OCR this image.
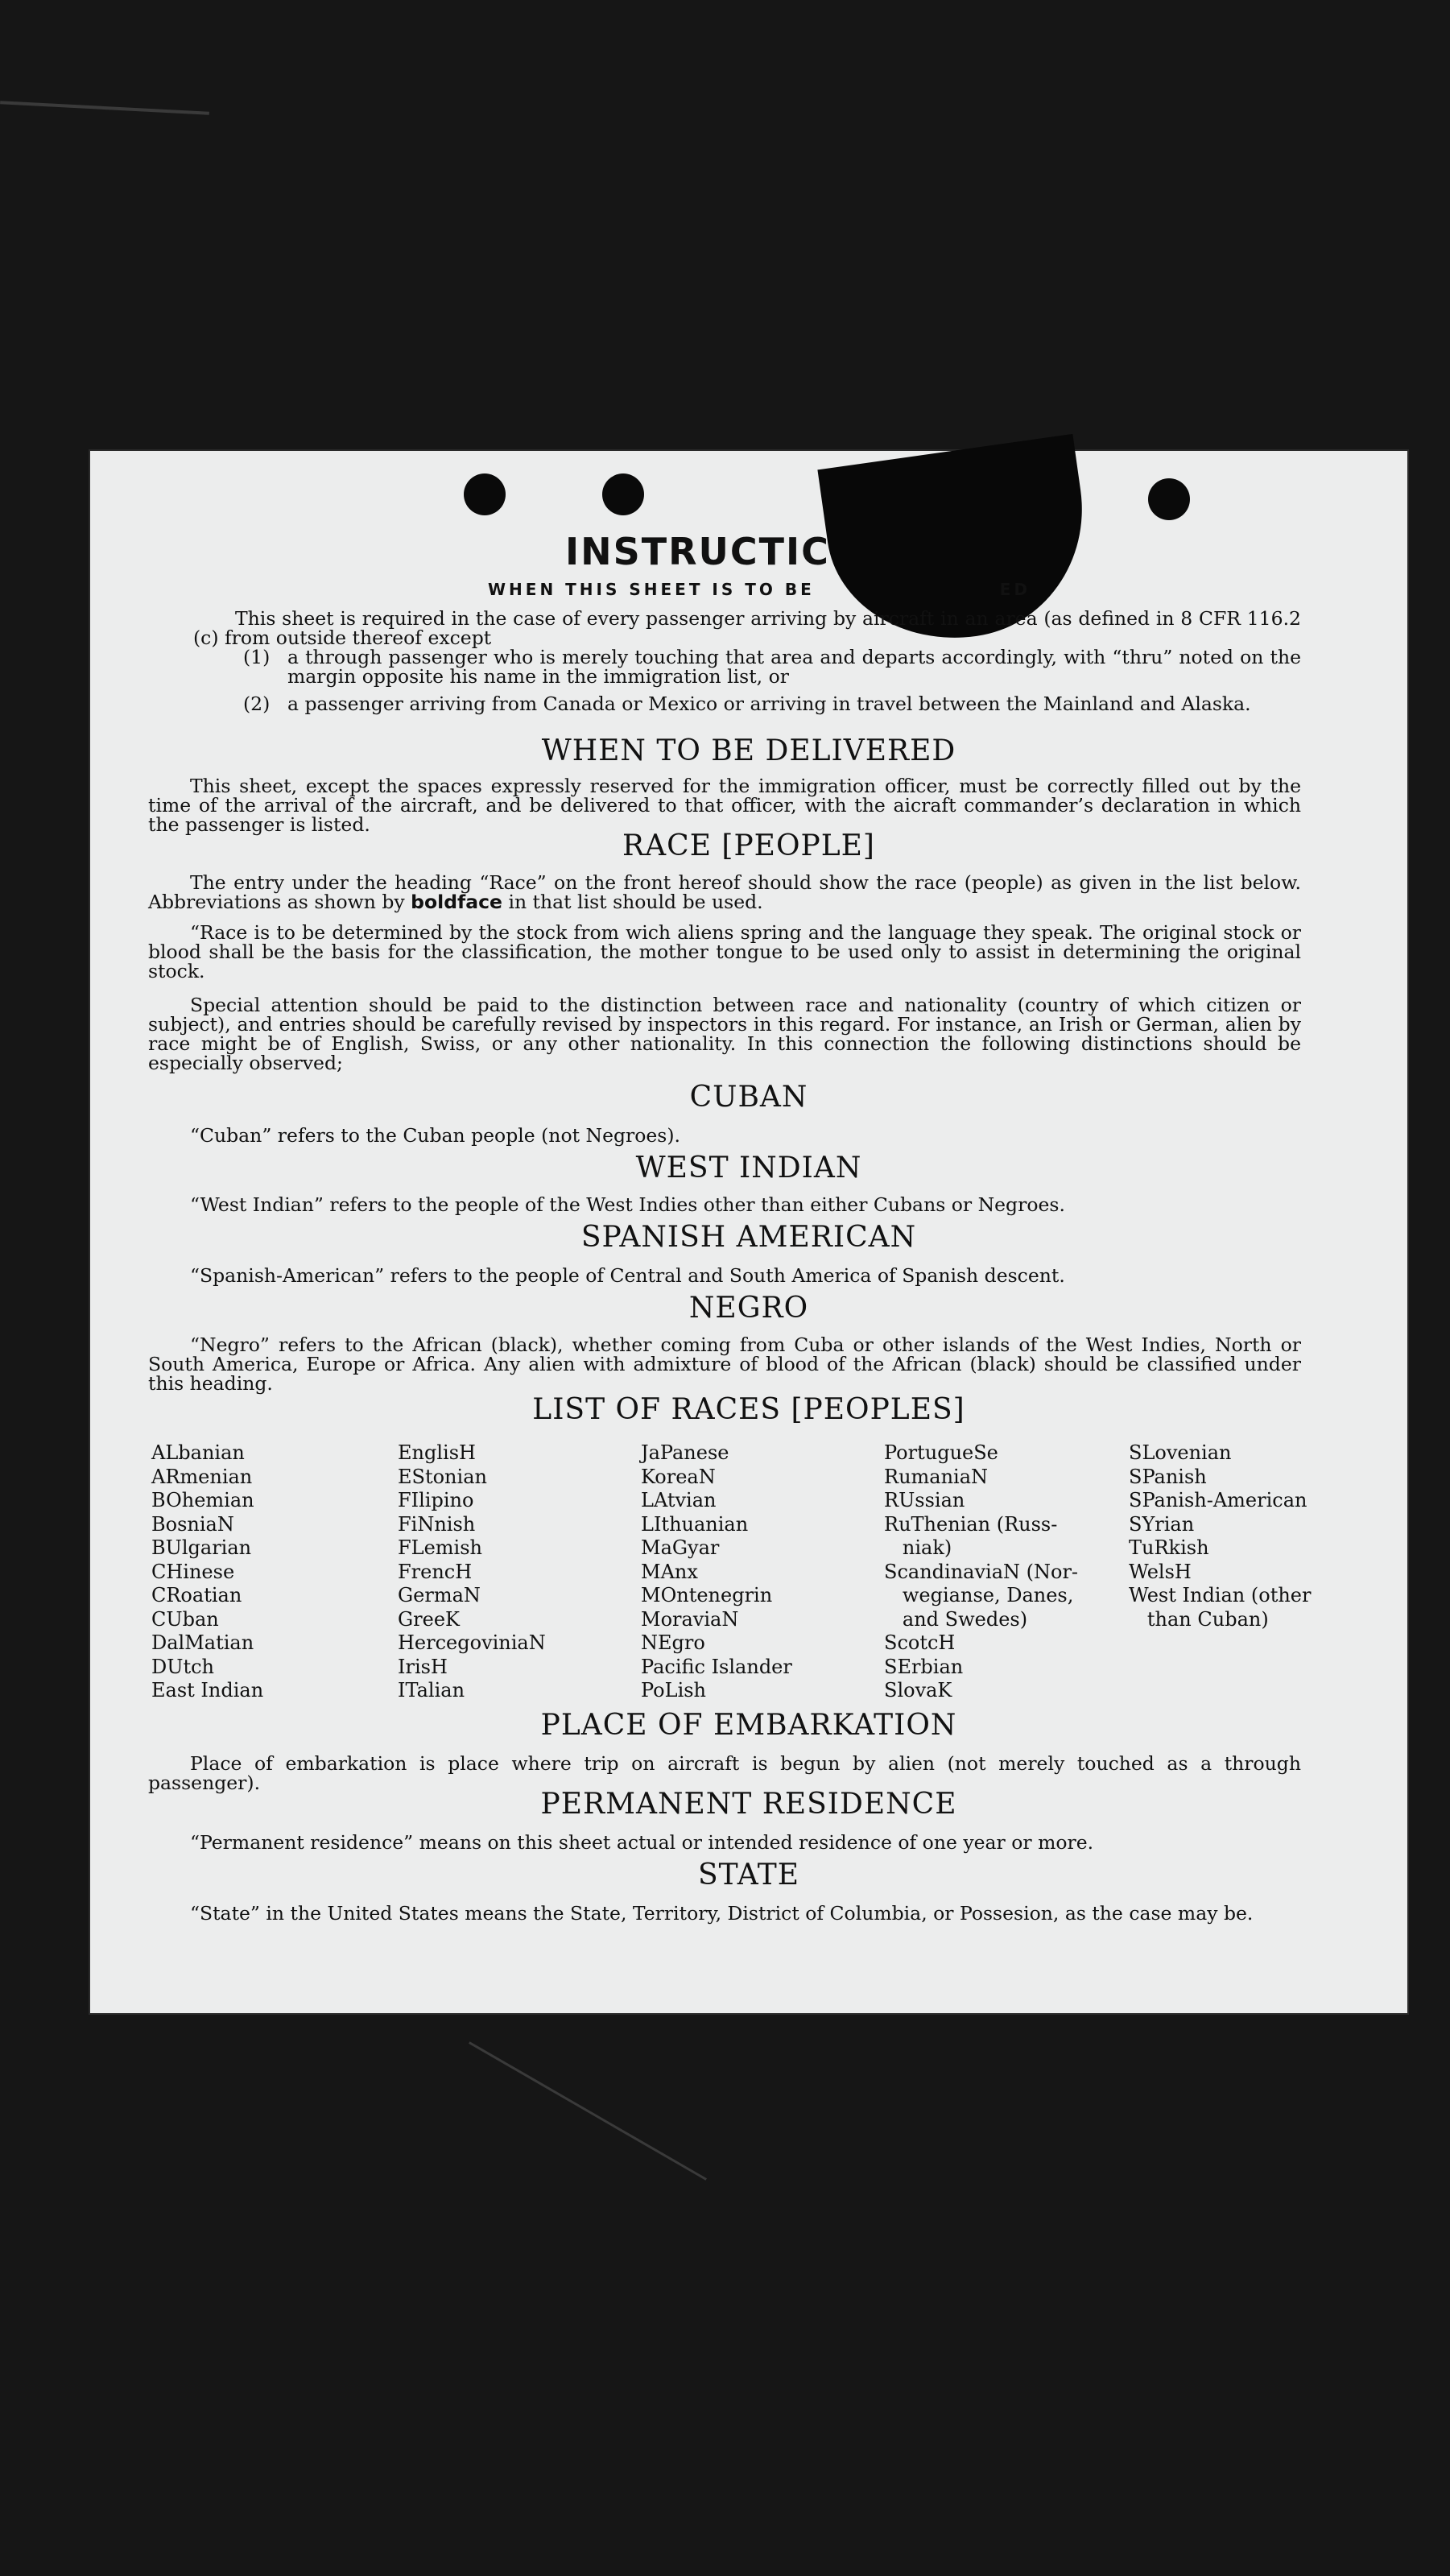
INSTRUCTIC
WHEN THIS SHEET IS TO BE	ED
This sheet is required in the case of every passenger arriving by aircraft in an area (as defined in 8 CFR 116.2 (c) from outside thereof except
(1) a through passenger who is merely touching that area and departs accordingly, with “thru” noted on the margin opposite his name in the immigration list, or
(2) a passenger arriving from Canada or Mexico or arriving in travel between the Mainland and Alaska.
WHEN TO BE DELIVERED
This sheet, except the spaces expressly reserved for the immigration officer, must be correctly filled out by the time of the arrival of the aircraft, and be delivered to that officer, with the aicraft commander’s declaration in which the passenger is listed.
RACE [PEOPLE]
The entry under the heading “Race” on the front hereof should show the race (people) as given in the list below. Abbreviations as shown by boldface in that list should be used.
“Race is to be determined by the stock from wich aliens spring and the language they speak. The original stock or blood shall be the basis for the classification, the mother tongue to be used only to assist in determining the original stock.
Special attention should be paid to the distinction between race and nationality (country of which citizen or subject), and entries should be carefully revised by inspectors in this regard. For instance, an Irish or German, alien by race might be of English, Swiss, or any other nationality. In this connection the following distinctions should be especially observed;
CUBAN
“Cuban” refers to the Cuban people (not Negroes).
WEST INDIAN
“West Indian” refers to the people of the West Indies other than either Cubans or Negroes.
SPANISH AMERICAN
“Spanish-American” refers to the people of Central and South America of Spanish descent.
NEGRO
“Negro” refers to the African (black), whether coming from Cuba or other islands of the West Indies, North or South America, Europe or Africa. Any alien with admixture of blood of the African (black) should be classified under this heading.
LIST OF RACES [PEOPLES]
ALbanian
ARmenian
BOhemian
BosniaN
BUlgarian
CHinese
CRoatian
CUban
DalMatian
DUtch
East Indian
EnglisH
EStonian
FIlipino
FiNnish
FLemish
FrencH
GermaN
GreeK
HercegoviniaN
IrisH
ITalian
JaPanese
KoreaN
LAtvian
LIthuanian
MaGyar
MAnx
MOntenegrin
MoraviaN
NEgro
Pacific Islander
PoLish
PortugueSe
RumaniaN
RUssian
RuThenian (Russ-
niak)
ScandinaviaN (Nor-
wegianse, Danes,
and Swedes)
ScotcH
SErbian
SlovaK
SLovenian
SPanish
SPanish-American
SYrian
TuRkish
WelsH
West Indian (other
than Cuban)
PLACE OF EMBARKATION
Place of embarkation is place where trip on aircraft is begun by alien (not merely touched as a through passenger).
PERMANENT RESIDENCE
“Permanent residence” means on this sheet actual or intended residence of one year or more.
STATE
“State” in the United States means the State, Territory, District of Columbia, or Possesion, as the case may be.
